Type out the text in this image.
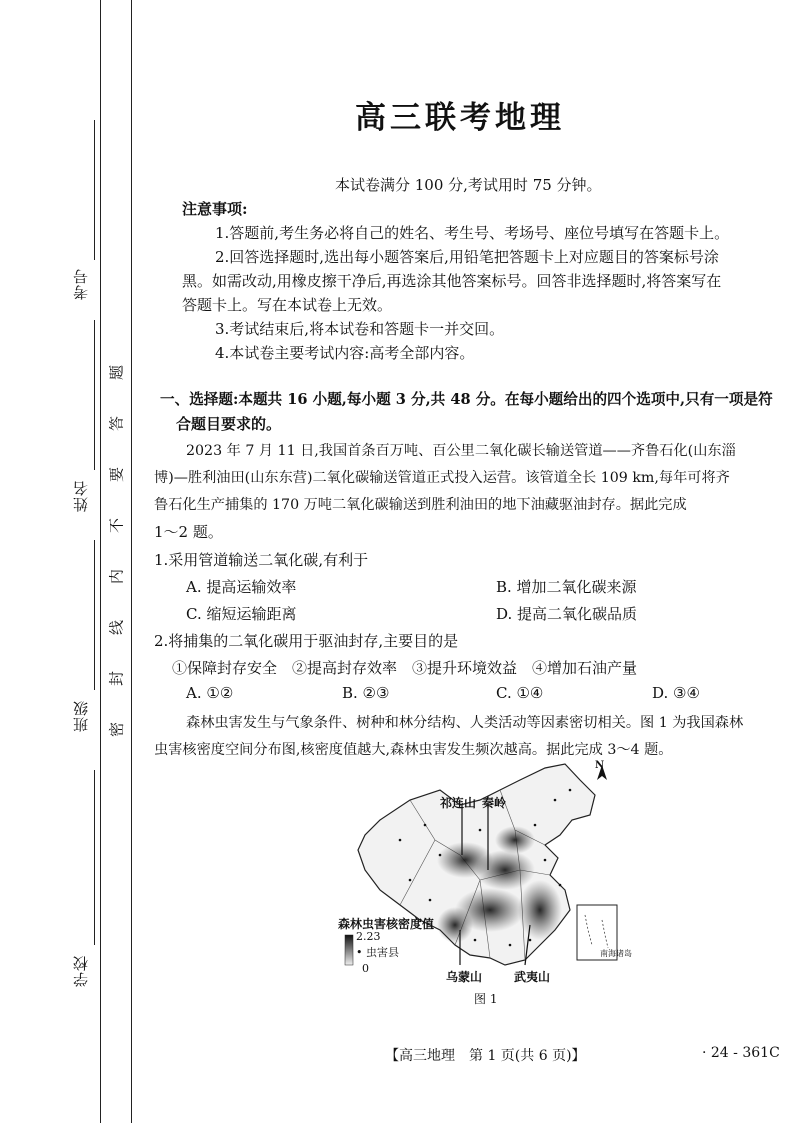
考号
姓名
班级
学校
题
答
要
不
内
线
封
密
高三联考地理
本试卷满分 100 分,考试用时 75 分钟。
注意事项:
1.答题前,考生务必将自己的姓名、考生号、考场号、座位号填写在答题卡上。
2.回答选择题时,选出每小题答案后,用铅笔把答题卡上对应题目的答案标号涂
黑。如需改动,用橡皮擦干净后,再选涂其他答案标号。回答非选择题时,将答案写在
答题卡上。写在本试卷上无效。
3.考试结束后,将本试卷和答题卡一并交回。
4.本试卷主要考试内容:高考全部内容。
一、选择题:本题共 16 小题,每小题 3 分,共 48 分。在每小题给出的四个选项中,只有一项是符
合题目要求的。
2023 年 7 月 11 日,我国首条百万吨、百公里二氧化碳长输送管道——齐鲁石化(山东淄
博)—胜利油田(山东东营)二氧化碳输送管道正式投入运营。该管道全长 109 km,每年可将齐
鲁石化生产捕集的 170 万吨二氧化碳输送到胜利油田的地下油藏驱油封存。据此完成
1～2 题。
1.采用管道输送二氧化碳,有利于
A. 提高运输效率	B. 增加二氧化碳来源
C. 缩短运输距离	D. 提高二氧化碳品质
2.将捕集的二氧化碳用于驱油封存,主要目的是
①保障封存安全　②提高封存效率　③提升环境效益　④增加石油产量
A. ①②	B. ②③	C. ①④	D. ③④
森林虫害发生与气象条件、树种和林分结构、人类活动等因素密切相关。图 1 为我国森林
虫害核密度空间分布图,核密度值越大,森林虫害发生频次越高。据此完成 3～4 题。
祁连山 秦岭
乌蒙山	武夷山
N
南海诸岛
森林虫害核密度值
2.23
• 虫害县
0
图 1
【高三地理　第 1 页(共 6 页)】	· 24 - 361C
